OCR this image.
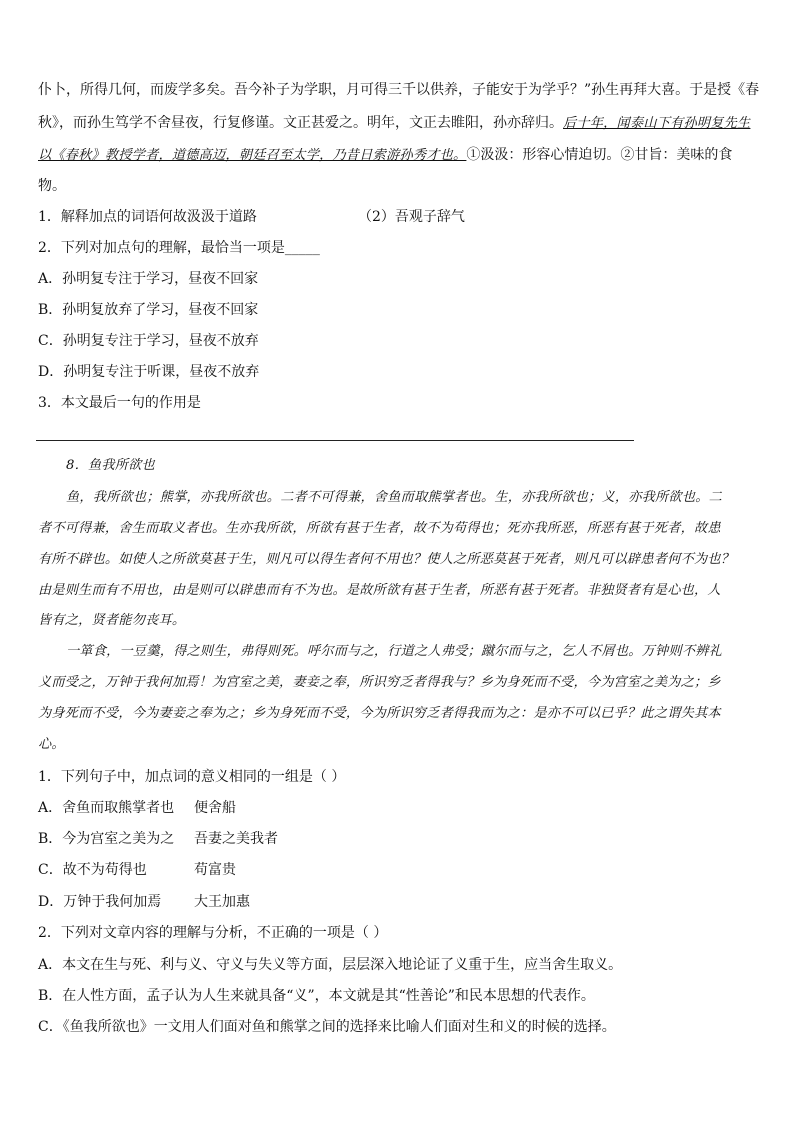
仆卜，所得几何，而废学多矣。吾今补子为学职，月可得三千以供养，子能安于为学乎？”孙生再拜大喜。于是授《春
秋》，而孙生笃学不舍昼夜，行复修谨。文正甚爱之。明年，文正去睢阳，孙亦辞归。后十年，闻泰山下有孙明复先生
以《春秋》教授学者，道德高迈，朝廷召至太学，乃昔日索游孙秀才也。①汲汲：形容心情迫切。②甘旨：美味的食
物。
1．解释加点的词语何故汲汲于道路	（2）吾观子辞气
2．下列对加点句的理解，最恰当一项是_____
A．孙明复专注于学习，昼夜不回家
B．孙明复放弃了学习，昼夜不回家
C．孙明复专注于学习，昼夜不放弃
D．孙明复专注于听课，昼夜不放弃
3．本文最后一句的作用是
8．鱼我所欲也
鱼，我所欲也；熊掌，亦我所欲也。二者不可得兼，舍鱼而取熊掌者也。生，亦我所欲也；义，亦我所欲也。二
者不可得兼，舍生而取义者也。生亦我所欲，所欲有甚于生者，故不为苟得也；死亦我所恶，所恶有甚于死者，故患
有所不辟也。如使人之所欲莫甚于生，则凡可以得生者何不用也？使人之所恶莫甚于死者，则凡可以辟患者何不为也？
由是则生而有不用也，由是则可以辟患而有不为也。是故所欲有甚于生者，所恶有甚于死者。非独贤者有是心也，人
皆有之，贤者能勿丧耳。
一箪食，一豆羹，得之则生，弗得则死。呼尔而与之，行道之人弗受；蹴尔而与之，乞人不屑也。万钟则不辨礼
义而受之，万钟于我何加焉！为宫室之美，妻妾之奉，所识穷乏者得我与？乡为身死而不受，今为宫室之美为之；乡
为身死而不受，今为妻妾之奉为之；乡为身死而不受，今为所识穷乏者得我而为之：是亦不可以已乎？此之谓失其本
心。
1．下列句子中，加点词的意义相同的一组是（ ）
A．舍鱼而取熊掌者也 便舍船
B．今为宫室之美为之 吾妻之美我者
C．故不为苟得也	苟富贵
D．万钟于我何加焉 大王加惠
2．下列对文章内容的理解与分析，不正确的一项是（ ）
A．本文在生与死、利与义、守义与失义等方面，层层深入地论证了义重于生，应当舍生取义。
B．在人性方面，孟子认为人生来就具备“义”，本文就是其“性善论”和民本思想的代表作。
C．《鱼我所欲也》一文用人们面对鱼和熊掌之间的选择来比喻人们面对生和义的时候的选择。
